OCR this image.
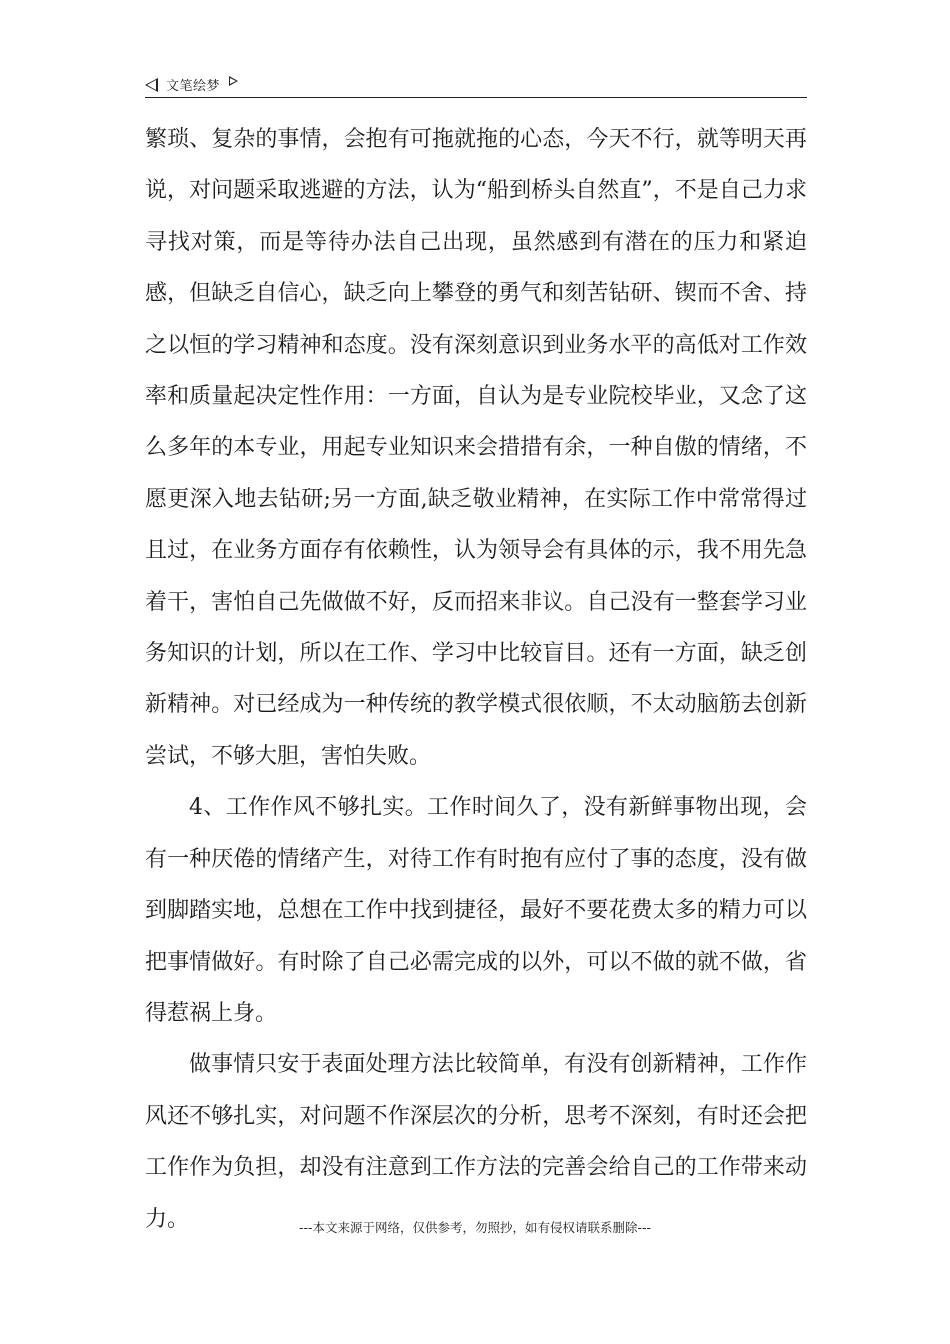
文笔绘梦

繁琐、复杂的事情，会抱有可拖就拖的心态，今天不行，就等明天再说，对问题采取逃避的方法，认为“船到桥头自然直”，不是自己力求寻找对策，而是等待办法自己出现，虽然感到有潜在的压力和紧迫感，但缺乏自信心，缺乏向上攀登的勇气和刻苦钻研、锲而不舍、持之以恒的学习精神和态度。没有深刻意识到业务水平的高低对工作效率和质量起决定性作用：一方面，自认为是专业院校毕业，又念了这么多年的本专业，用起专业知识来会措措有余，一种自傲的情绪，不愿更深入地去钻研;另一方面,缺乏敬业精神，在实际工作中常常得过且过，在业务方面存有依赖性，认为领导会有具体的示，我不用先急着干，害怕自己先做做不好，反而招来非议。自己没有一整套学习业务知识的计划，所以在工作、学习中比较盲目。还有一方面，缺乏创新精神。对已经成为一种传统的教学模式很依顺，不太动脑筋去创新尝试，不够大胆，害怕失败。

4、工作作风不够扎实。工作时间久了，没有新鲜事物出现，会有一种厌倦的情绪产生，对待工作有时抱有应付了事的态度，没有做到脚踏实地，总想在工作中找到捷径，最好不要花费太多的精力可以把事情做好。有时除了自己必需完成的以外，可以不做的就不做，省得惹祸上身。

做事情只安于表面处理方法比较简单，有没有创新精神，工作作风还不够扎实，对问题不作深层次的分析，思考不深刻，有时还会把工作作为负担，却没有注意到工作方法的完善会给自己的工作带来动力。	---本文来源于网络，仅供参考，勿照抄，如有侵权请联系删除---
